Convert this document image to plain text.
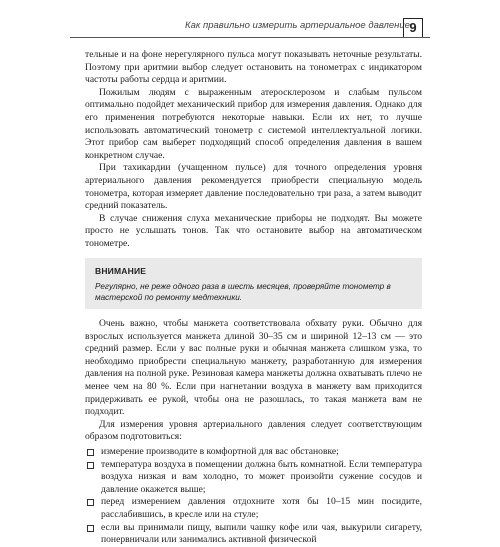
Как правильно измерить артериальное давление 9

тельные и на фоне нерегулярного пульса могут показывать неточные результаты. Поэтому при аритмии выбор следует остановить на тонометрах с индикатором частоты работы сердца и аритмии.

Пожилым людям с выраженным атеросклерозом и слабым пульсом оптимально подойдет механический прибор для измерения давления. Однако для его применения потребуются некоторые навыки. Если их нет, то лучше использовать автоматический тонометр с системой интеллектуальной логики. Этот прибор сам выберет подходящий способ определения давления в вашем конкретном случае.

При тахикардии (учащенном пульсе) для точного определения уровня артериального давления рекомендуется приобрести специальную модель тонометра, которая измеряет давление последовательно три раза, а затем выводит средний показатель.

В случае снижения слуха механические приборы не подходят. Вы можете просто не услышать тонов. Так что остановите выбор на автоматическом тонометре.

ВНИМАНИЕ
Регулярно, не реже одного раза в шесть месяцев, проверяйте тонометр в мастерской по ремонту медтехники.

Очень важно, чтобы манжета соответствовала обхвату руки. Обычно для взрослых используется манжета длиной 30–35 см и шириной 12–13 см — это средний размер. Если у вас полные руки и обычная манжета слишком узка, то необходимо приобрести специальную манжету, разработанную для измерения давления на полной руке. Резиновая камера манжеты должна охватывать плечо не менее чем на 80 %. Если при нагнетании воздуха в манжету вам приходится придерживать ее рукой, чтобы она не разошлась, то такая манжета вам не подходит.

Для измерения уровня артериального давления следует соответствующим образом подготовиться:

измерение производите в комфортной для вас обстановке;
температура воздуха в помещении должна быть комнатной. Если температура воздуха низкая и вам холодно, то может произойти сужение сосудов и давление окажется выше;
перед измерением давления отдохните хотя бы 10–15 мин посидите, расслабившись, в кресле или на стуле;
если вы принимали пищу, выпили чашку кофе или чая, выкурили сигарету, понервничали или занимались активной физической
